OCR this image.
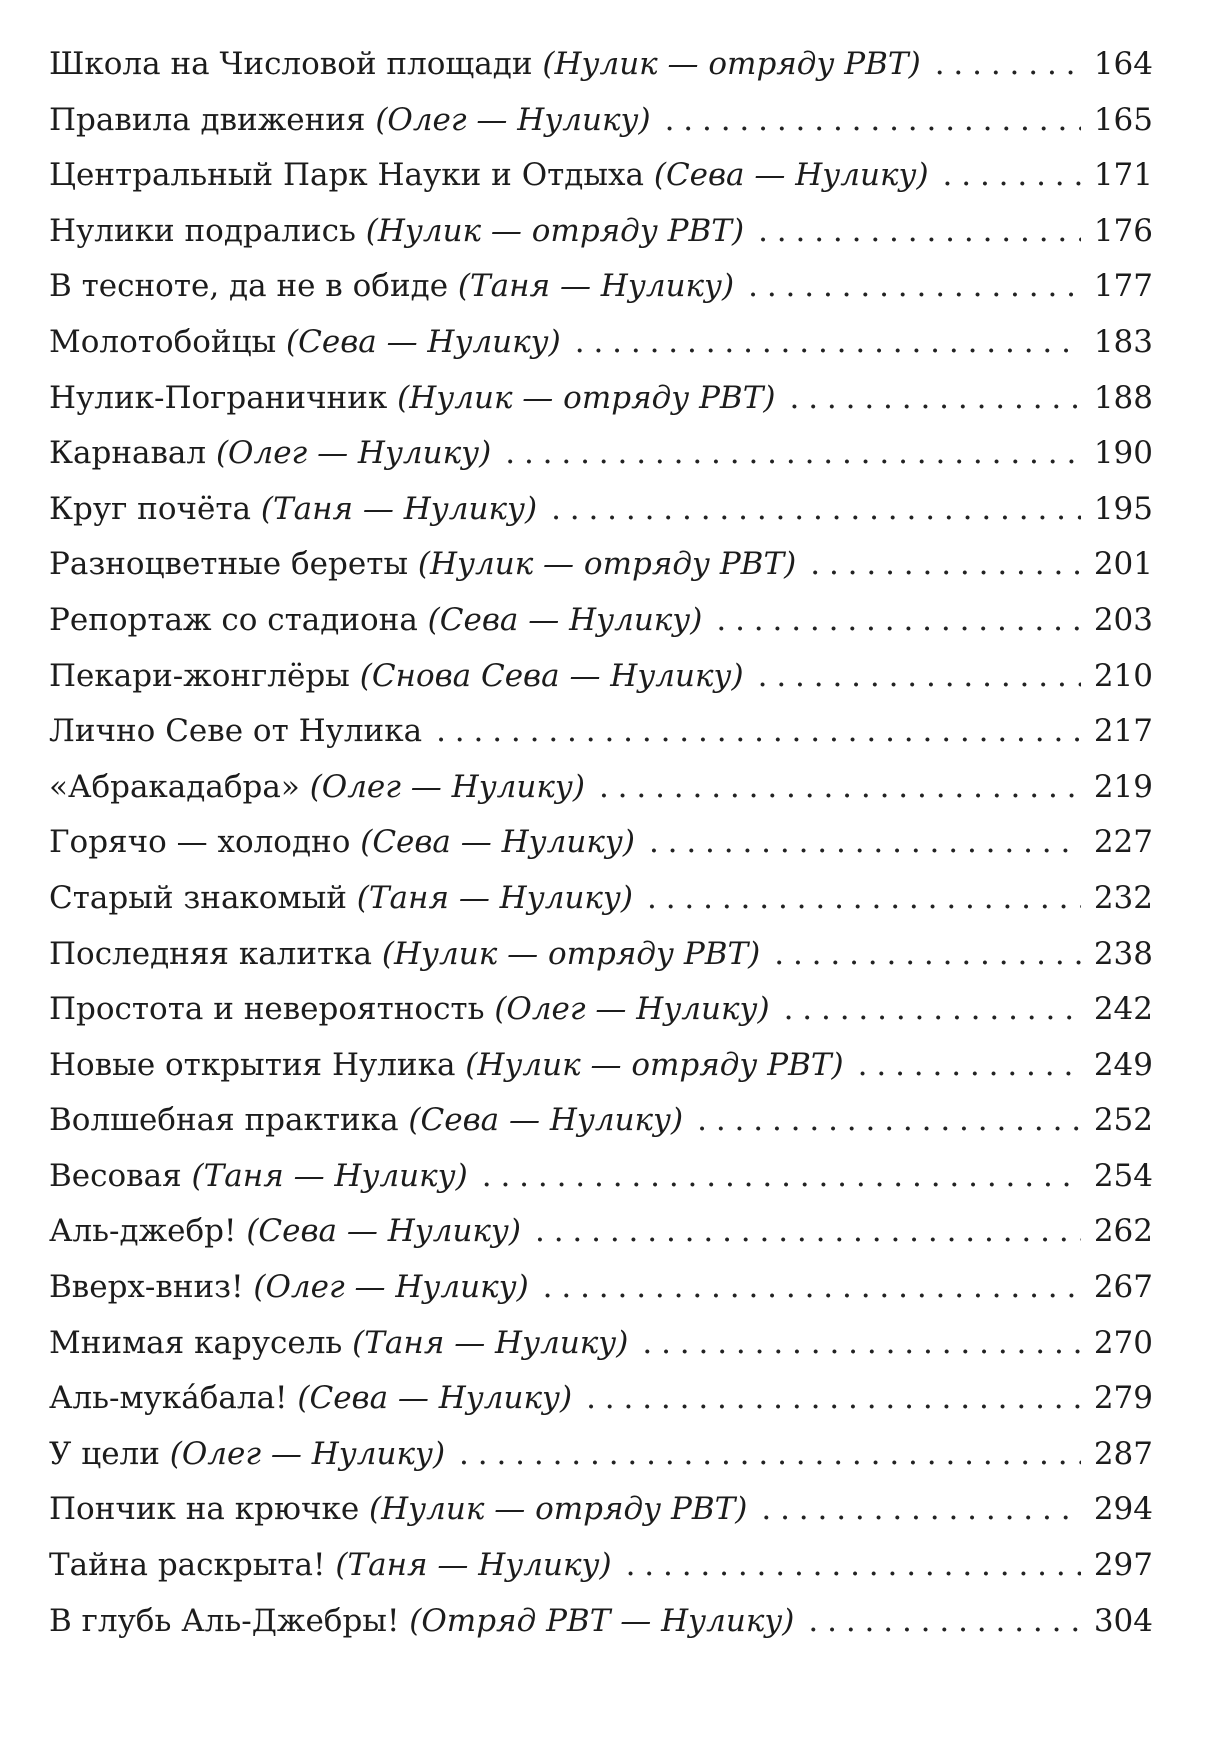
Школа на Числовой площади
(Нулик — отряду РВТ) . . .	164
Правила движения
(Олег — Нулику) . . .	165
Центральный Парк Науки и Отдыха
(Сева — Нулику) . . .	171
Нулики подрались
(Нулик — отряду РВТ) . . .	176
В тесноте, да не в обиде
(Таня — Нулику) . . .	177
Молотобойцы
(Сева — Нулику) . . .	183
Нулик-Пограничник
(Нулик — отряду РВТ) . . .	188
Карнавал
(Олег — Нулику) . . .	190
Круг почёта
(Таня — Нулику) . . .	195
Разноцветные береты
(Нулик — отряду РВТ) . . .	201
Репортаж со стадиона
(Сева — Нулику) . . .	203
Пекари-жонглёры
(Снова Сева — Нулику) . . .	210
Лично Севе от Нулика . . .	217
«Абракадабра»
(Олег — Нулику) . . .	219
Горячо — холодно
(Сева — Нулику) . . .	227
Старый знакомый
(Таня — Нулику) . . .	232
Последняя калитка
(Нулик — отряду РВТ) . . .	238
Простота и невероятность
(Олег — Нулику) . . .	242
Новые открытия Нулика
(Нулик — отряду РВТ) . . .	249
Волшебная практика
(Сева — Нулику) . . .	252
Весовая
(Таня — Нулику) . . .	254
Аль-джебр!
(Сева — Нулику) . . .	262
Вверх-вниз!
(Олег — Нулику) . . .	267
Мнимая карусель
(Таня — Нулику) . . .	270
Аль-мука́бала!
(Сева — Нулику) . . .	279
У цели
(Олег — Нулику) . . .	287
Пончик на крючке
(Нулик — отряду РВТ) . . .	294
Тайна раскрыта!
(Таня — Нулику) . . .	297
В глубь Аль-Джебры!
(Отряд РВТ — Нулику) . . .	304
